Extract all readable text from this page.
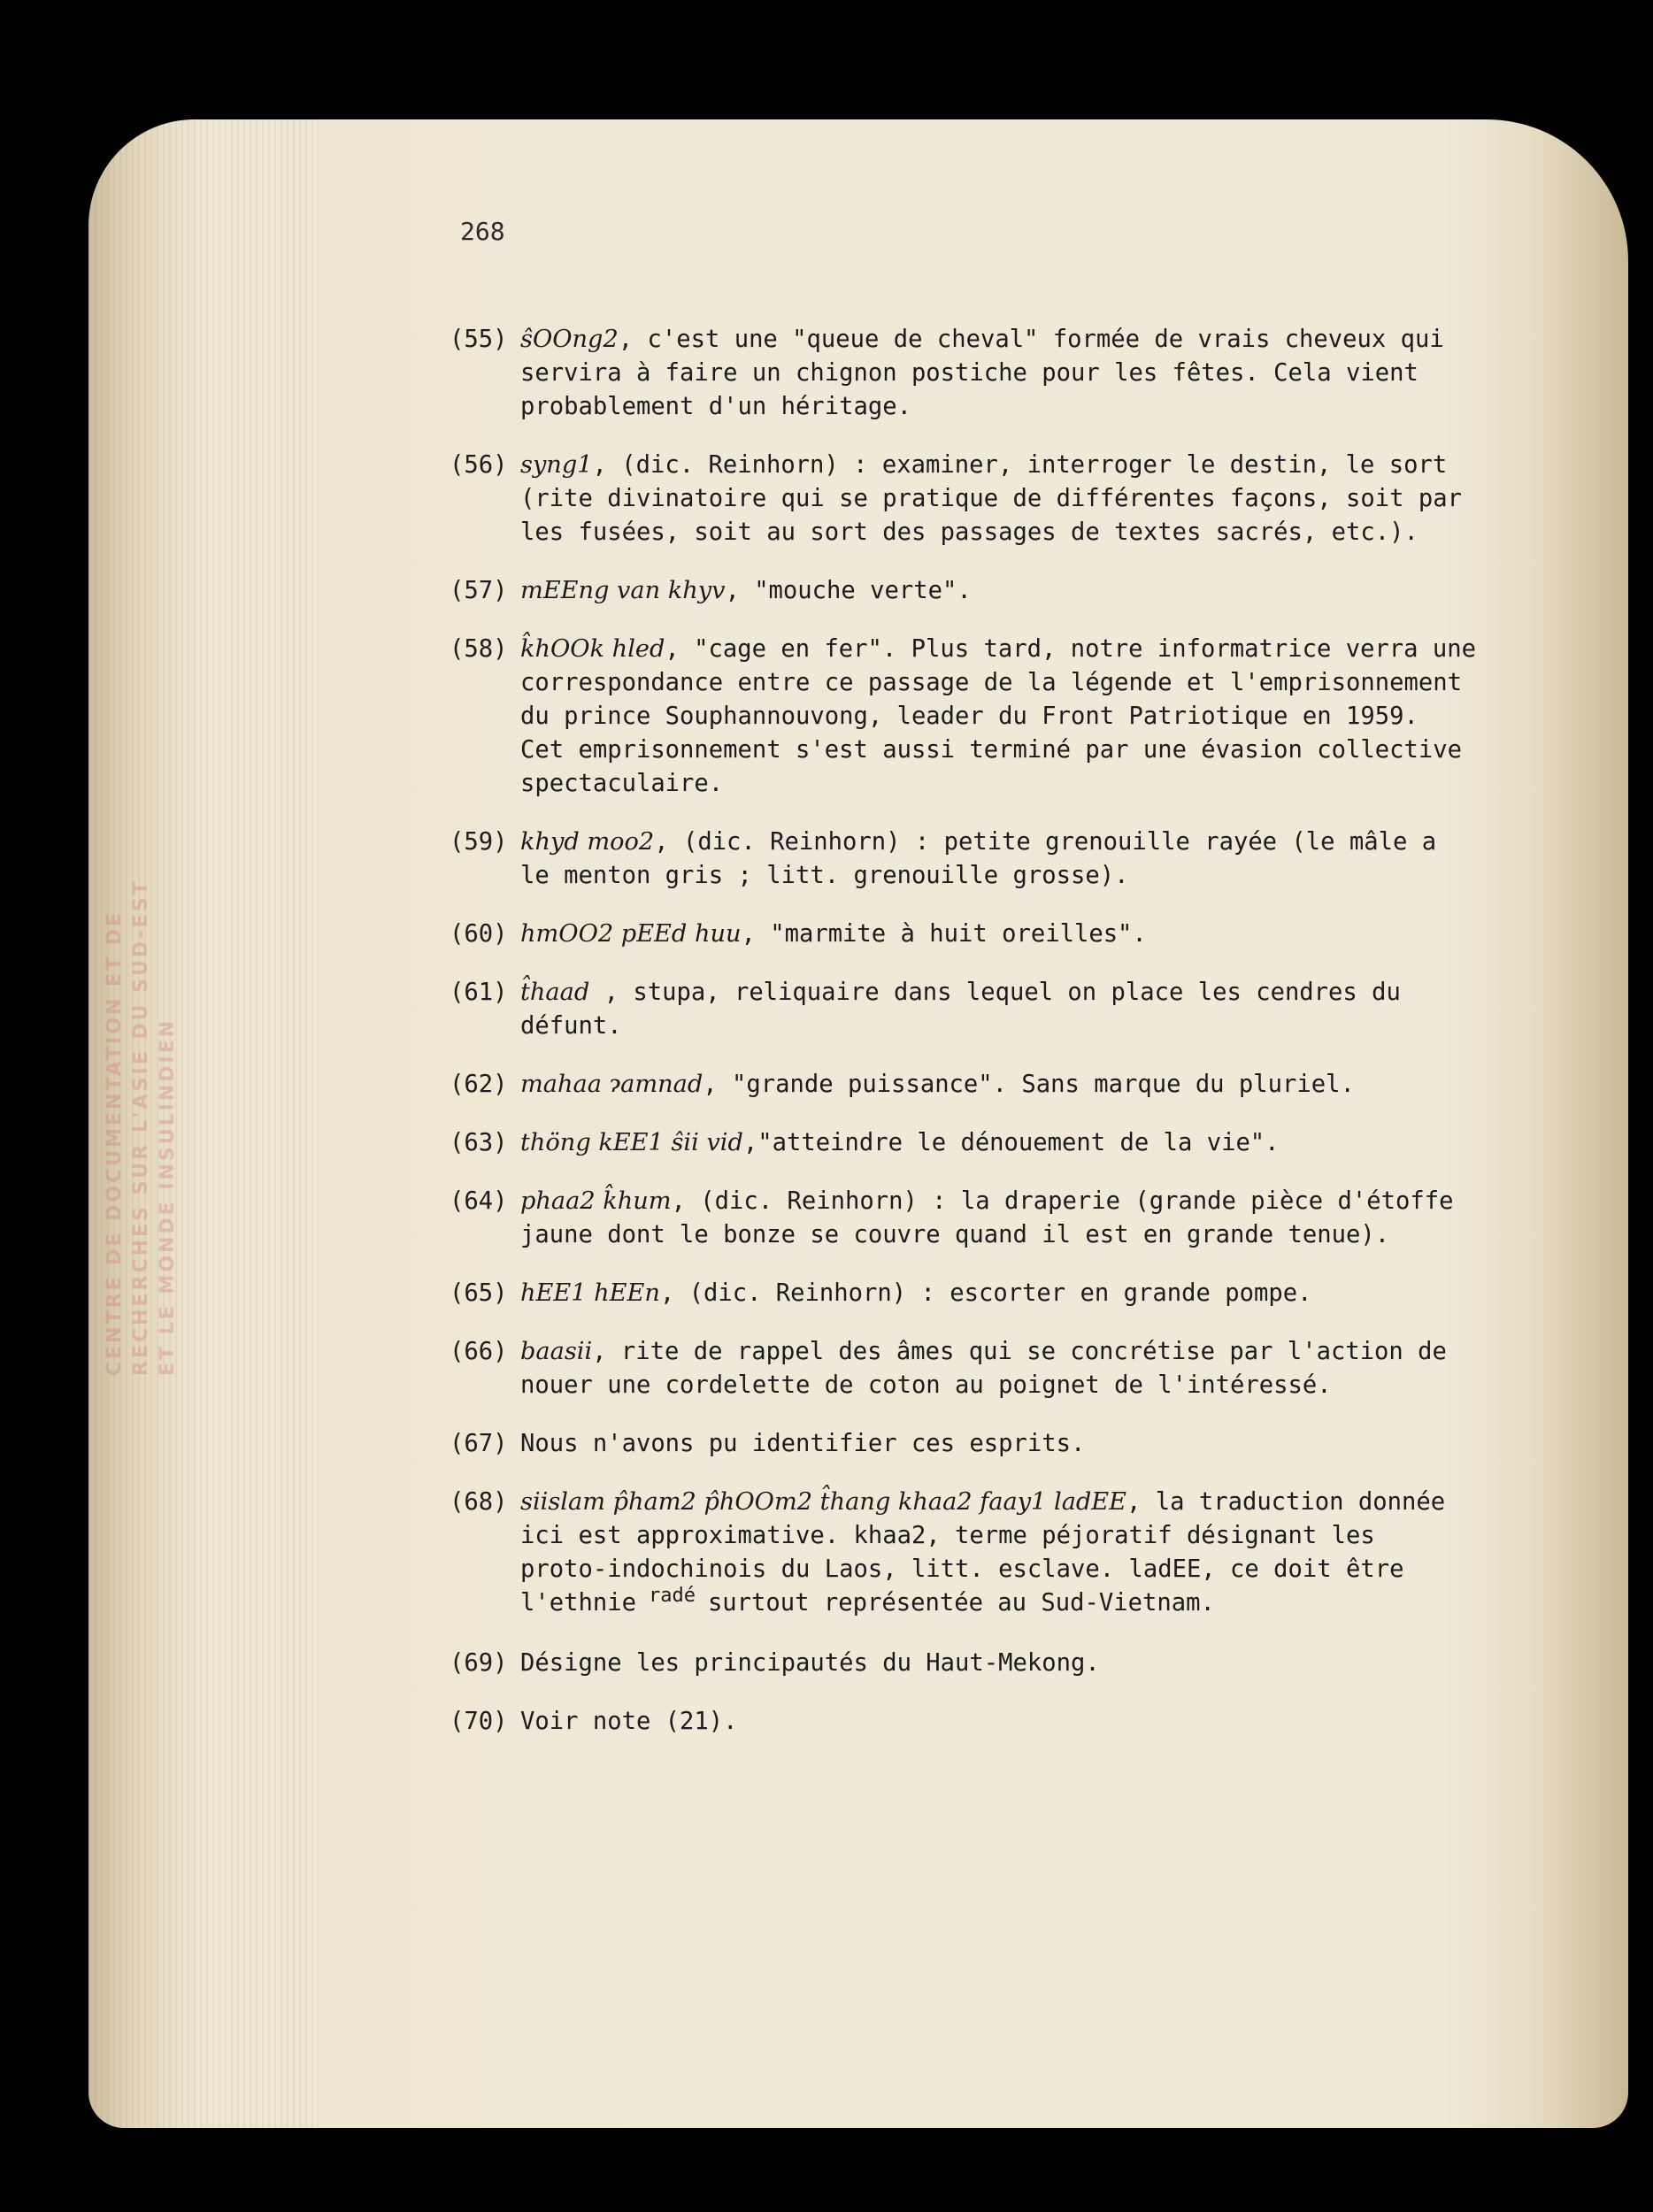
268
(55) ŝOOng2, c'est une "queue de cheval" formée de vrais cheveux qui servira à faire un chignon postiche pour les fêtes. Cela vient probablement d'un héritage.
(56) syng1, (dic. Reinhorn) : examiner, interroger le destin, le sort (rite divinatoire qui se pratique de différentes façons, soit par les fusées, soit au sort des passages de textes sacrés, etc.).
(57) mEEng van khyv, "mouche verte".
(58) k̂hOOk hled, "cage en fer". Plus tard, notre informatrice verra une correspondance entre ce passage de la légende et l'emprisonnement du prince Souphannouvong, leader du Front Patriotique en 1959. Cet emprisonnement s'est aussi terminé par une évasion collective spectaculaire.
(59) khyd moo2, (dic. Reinhorn) : petite grenouille rayée (le mâle a le menton gris ; litt. grenouille grosse).
(60) hmOO2 pEEd huu, "marmite à huit oreilles".
(61) t̂haad , stupa, reliquaire dans lequel on place les cendres du défunt.
(62) mahaa ɂamnad, "grande puissance". Sans marque du pluriel.
(63) thöng kEE1 ŝii vid,"atteindre le dénouement de la vie".
(64) phaa2 k̂hum, (dic. Reinhorn) : la draperie (grande pièce d'étoffe jaune dont le bonze se couvre quand il est en grande tenue).
(65) hEE1 hEEn, (dic. Reinhorn) : escorter en grande pompe.
(66) baasii, rite de rappel des âmes qui se concrétise par l'action de nouer une cordelette de coton au poignet de l'intéressé.
(67) Nous n'avons pu identifier ces esprits.
(68) siislam p̂ham2 p̂hOOm2 t̂hang khaa2 faay1 ladEE, la traduction donnée ici est approximative. khaa2, terme péjoratif désignant les proto-indochinois du Laos, litt. esclave. ladEE, ce doit être l'ethnie $^{radé}$ surtout représentée au Sud-Vietnam.
(69) Désigne les principautés du Haut-Mekong.
(70) Voir note (21).
